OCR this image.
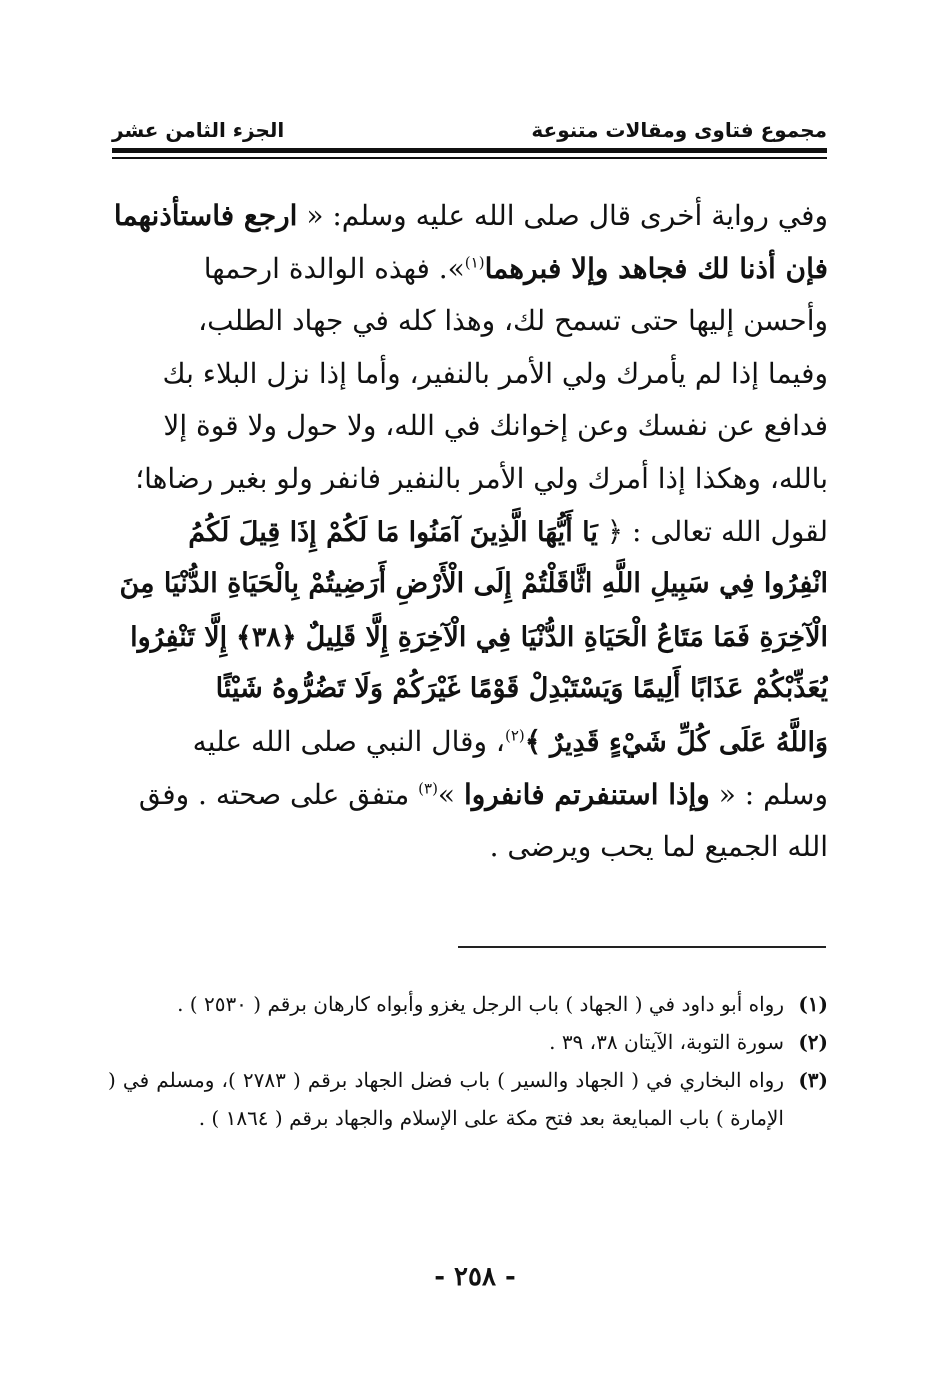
مجموع فتاوى ومقالات متنوعة
الجزء الثامن عشر
وفي رواية أخرى قال صلى الله عليه وسلم: « ارجع فاستأذنهما
فإن أذنا لك فجاهد وإلا فبرهما$^{(١)}$». فهذه الوالدة ارحمها
وأحسن إليها حتى تسمح لك، وهذا كله في جهاد الطلب،
وفيما إذا لم يأمرك ولي الأمر بالنفير، وأما إذا نزل البلاء بك
فدافع عن نفسك وعن إخوانك في الله، ولا حول ولا قوة إلا
بالله، وهكذا إذا أمرك ولي الأمر بالنفير فانفر ولو بغير رضاها؛
لقول الله تعالى : ﴿ يَا أَيُّهَا الَّذِينَ آمَنُوا مَا لَكُمْ إِذَا قِيلَ لَكُمُ
انْفِرُوا فِي سَبِيلِ اللَّهِ اثَّاقَلْتُمْ إِلَى الْأَرْضِ أَرَضِيتُمْ بِالْحَيَاةِ الدُّنْيَا مِنَ
الْآخِرَةِ فَمَا مَتَاعُ الْحَيَاةِ الدُّنْيَا فِي الْآخِرَةِ إِلَّا قَلِيلٌ ﴿٣٨﴾ إِلَّا تَنْفِرُوا
يُعَذِّبْكُمْ عَذَابًا أَلِيمًا وَيَسْتَبْدِلْ قَوْمًا غَيْرَكُمْ وَلَا تَضُرُّوهُ شَيْئًا
وَاللَّهُ عَلَى كُلِّ شَيْءٍ قَدِيرٌ ﴾$^{(٢)}$، وقال النبي صلى الله عليه
وسلم : « وإذا استنفرتم فانفروا »$^{(٣)}$ متفق على صحته . وفق
الله الجميع لما يحب ويرضى .
(١)
رواه أبو داود في ( الجهاد ) باب الرجل يغزو وأبواه كارهان برقم ( ٢٥٣٠ ) .
(٢)
سورة التوبة، الآيتان ٣٨، ٣٩ .
(٣)
رواه البخاري في ( الجهاد والسير ) باب فضل الجهاد برقم ( ٢٧٨٣ )، ومسلم في ( الإمارة ) باب المبايعة بعد فتح مكة على الإسلام والجهاد برقم ( ١٨٦٤ ) .
- ٢٥٨ -
